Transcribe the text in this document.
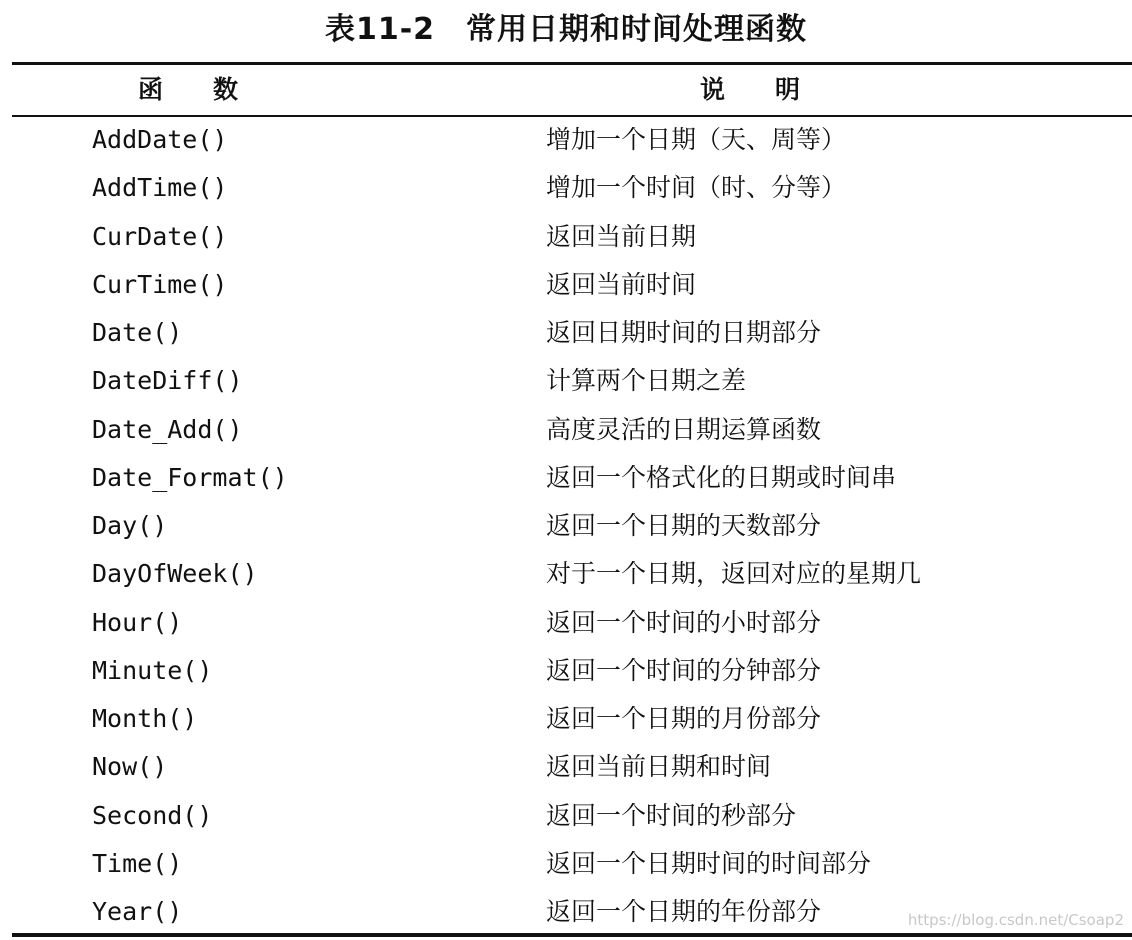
表11-2　常用日期和时间处理函数
函　　数	说　　明
AddDate()	增加一个日期（天、周等）
AddTime()	增加一个时间（时、分等）
CurDate()	返回当前日期
CurTime()	返回当前时间
Date()	返回日期时间的日期部分
DateDiff()	计算两个日期之差
Date_Add()	高度灵活的日期运算函数
Date_Format()	返回一个格式化的日期或时间串
Day()	返回一个日期的天数部分
DayOfWeek()	对于一个日期，返回对应的星期几
Hour()	返回一个时间的小时部分
Minute()	返回一个时间的分钟部分
Month()	返回一个日期的月份部分
Now()	返回当前日期和时间
Second()	返回一个时间的秒部分
Time()	返回一个日期时间的时间部分
Year()	返回一个日期的年份部分	https://blog.csdn.net/Csoap2
